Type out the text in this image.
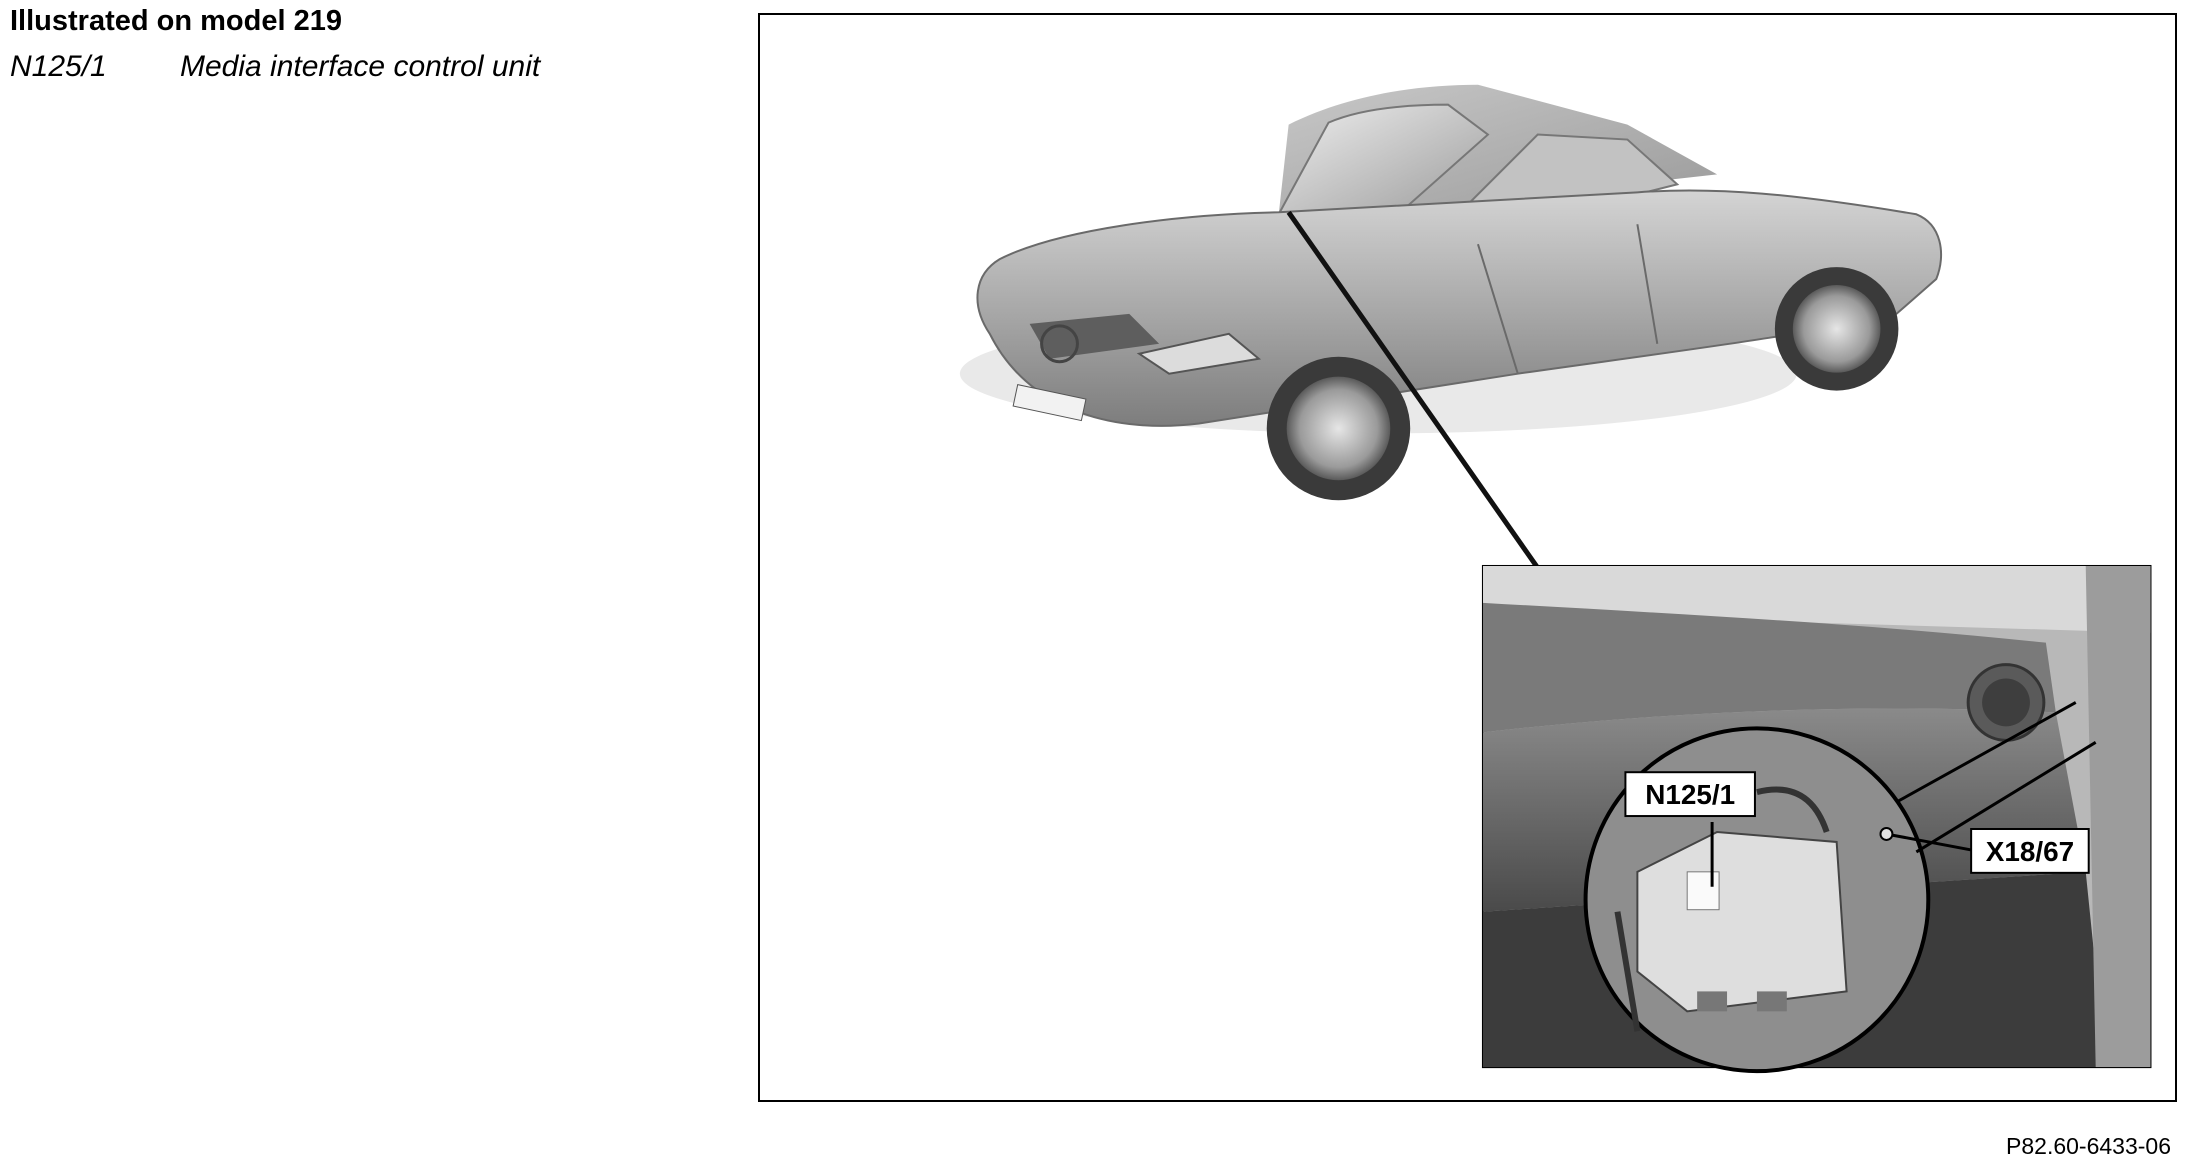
Illustrated on model 219
N125/1 Media interface control unit
N125/1
X18/67
P82.60-6433-06
